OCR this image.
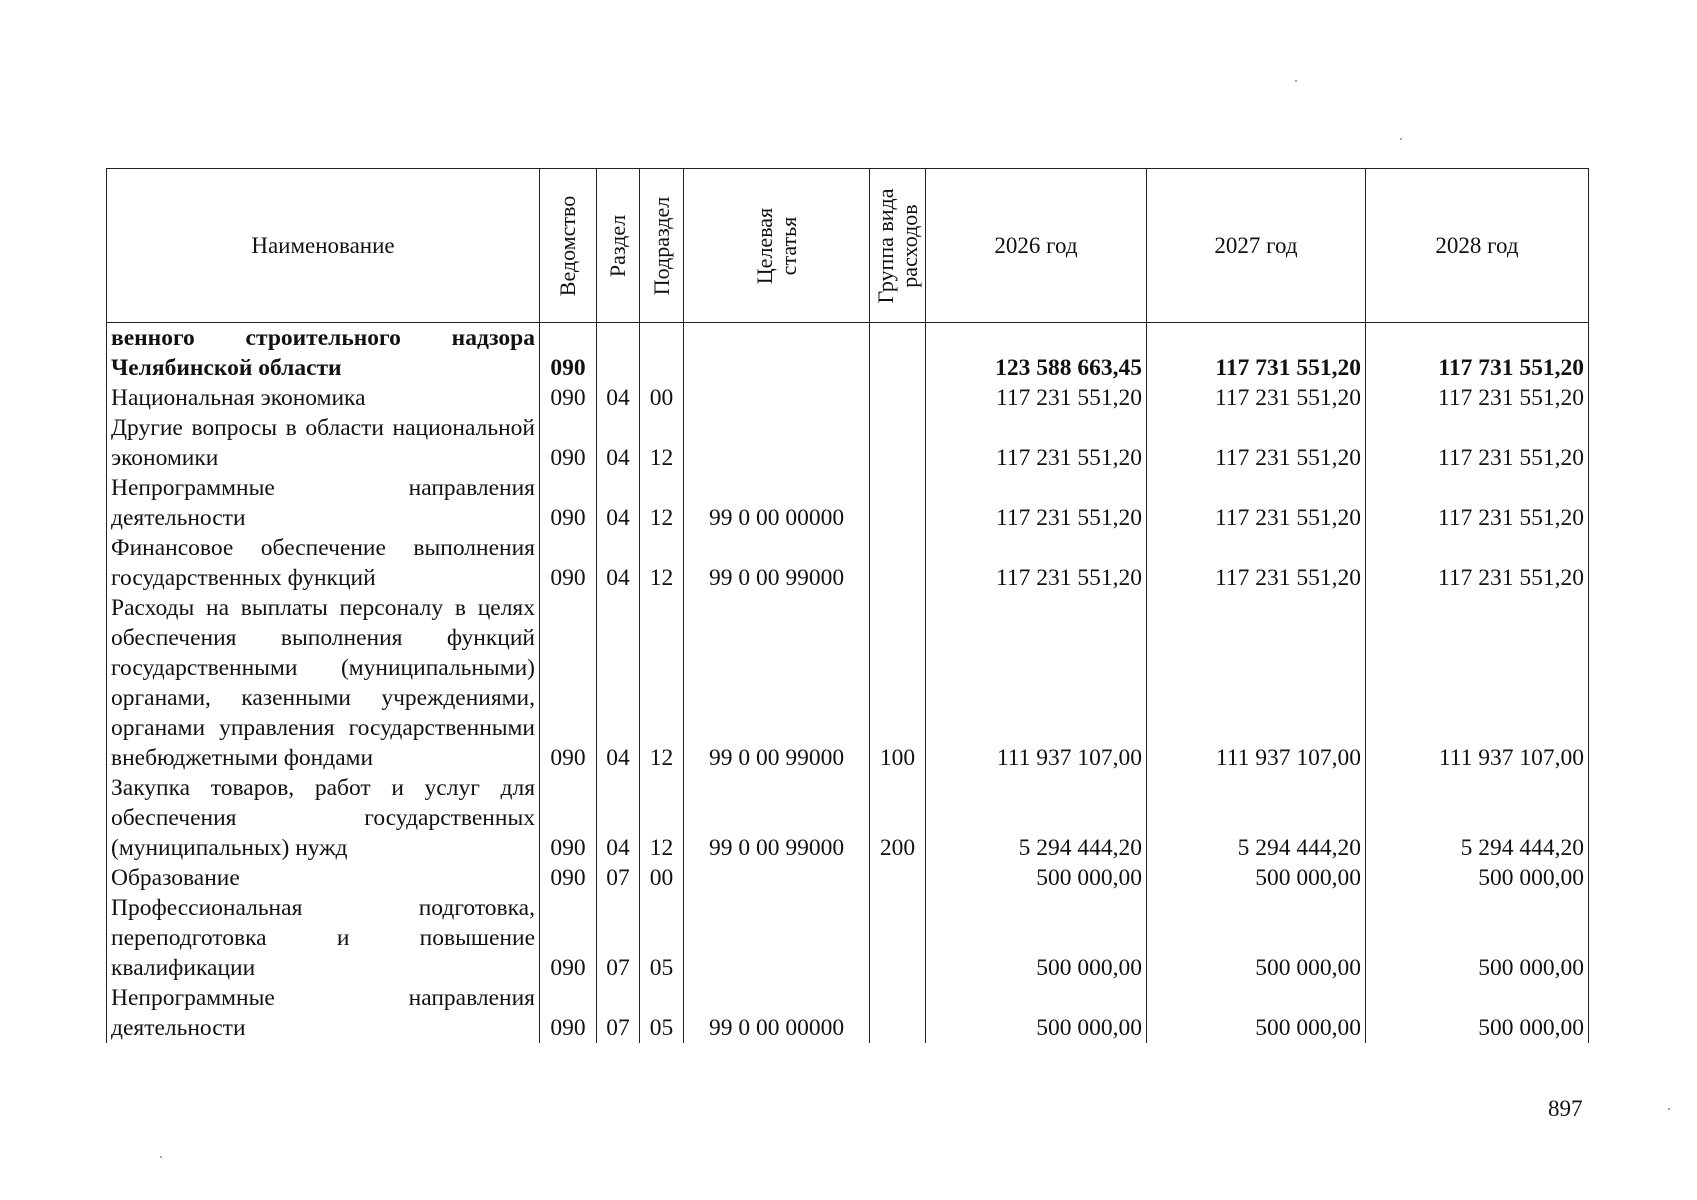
Наименование	Ведомство	Раздел	Подраздел	Целевая статья	Группа вида расходов	2026 год	2027 год	2028 год
венного строительного надзора Челябинской области	090					123 588 663,45	117 731 551,20	117 731 551,20
Национальная экономика	090	04	00			117 231 551,20	117 231 551,20	117 231 551,20
Другие вопросы в области национальной экономики	090	04	12			117 231 551,20	117 231 551,20	117 231 551,20
Непрограммные направления деятельности	090	04	12	99 0 00 00000		117 231 551,20	117 231 551,20	117 231 551,20
Финансовое обеспечение выполнения государственных функций	090	04	12	99 0 00 99000		117 231 551,20	117 231 551,20	117 231 551,20
Расходы на выплаты персоналу в целях обеспечения выполнения функций государственными (муниципальными) органами, казенными учреждениями, органами управления государственными внебюджетными фондами	090	04	12	99 0 00 99000	100	111 937 107,00	111 937 107,00	111 937 107,00
Закупка товаров, работ и услуг для обеспечения государственных (муниципальных) нужд	090	04	12	99 0 00 99000	200	5 294 444,20	5 294 444,20	5 294 444,20
Образование	090	07	00			500 000,00	500 000,00	500 000,00
Профессиональная подготовка, переподготовка и повышение квалификации	090	07	05			500 000,00	500 000,00	500 000,00
Непрограммные направления деятельности	090	07	05	99 0 00 00000		500 000,00	500 000,00	500 000,00
897
